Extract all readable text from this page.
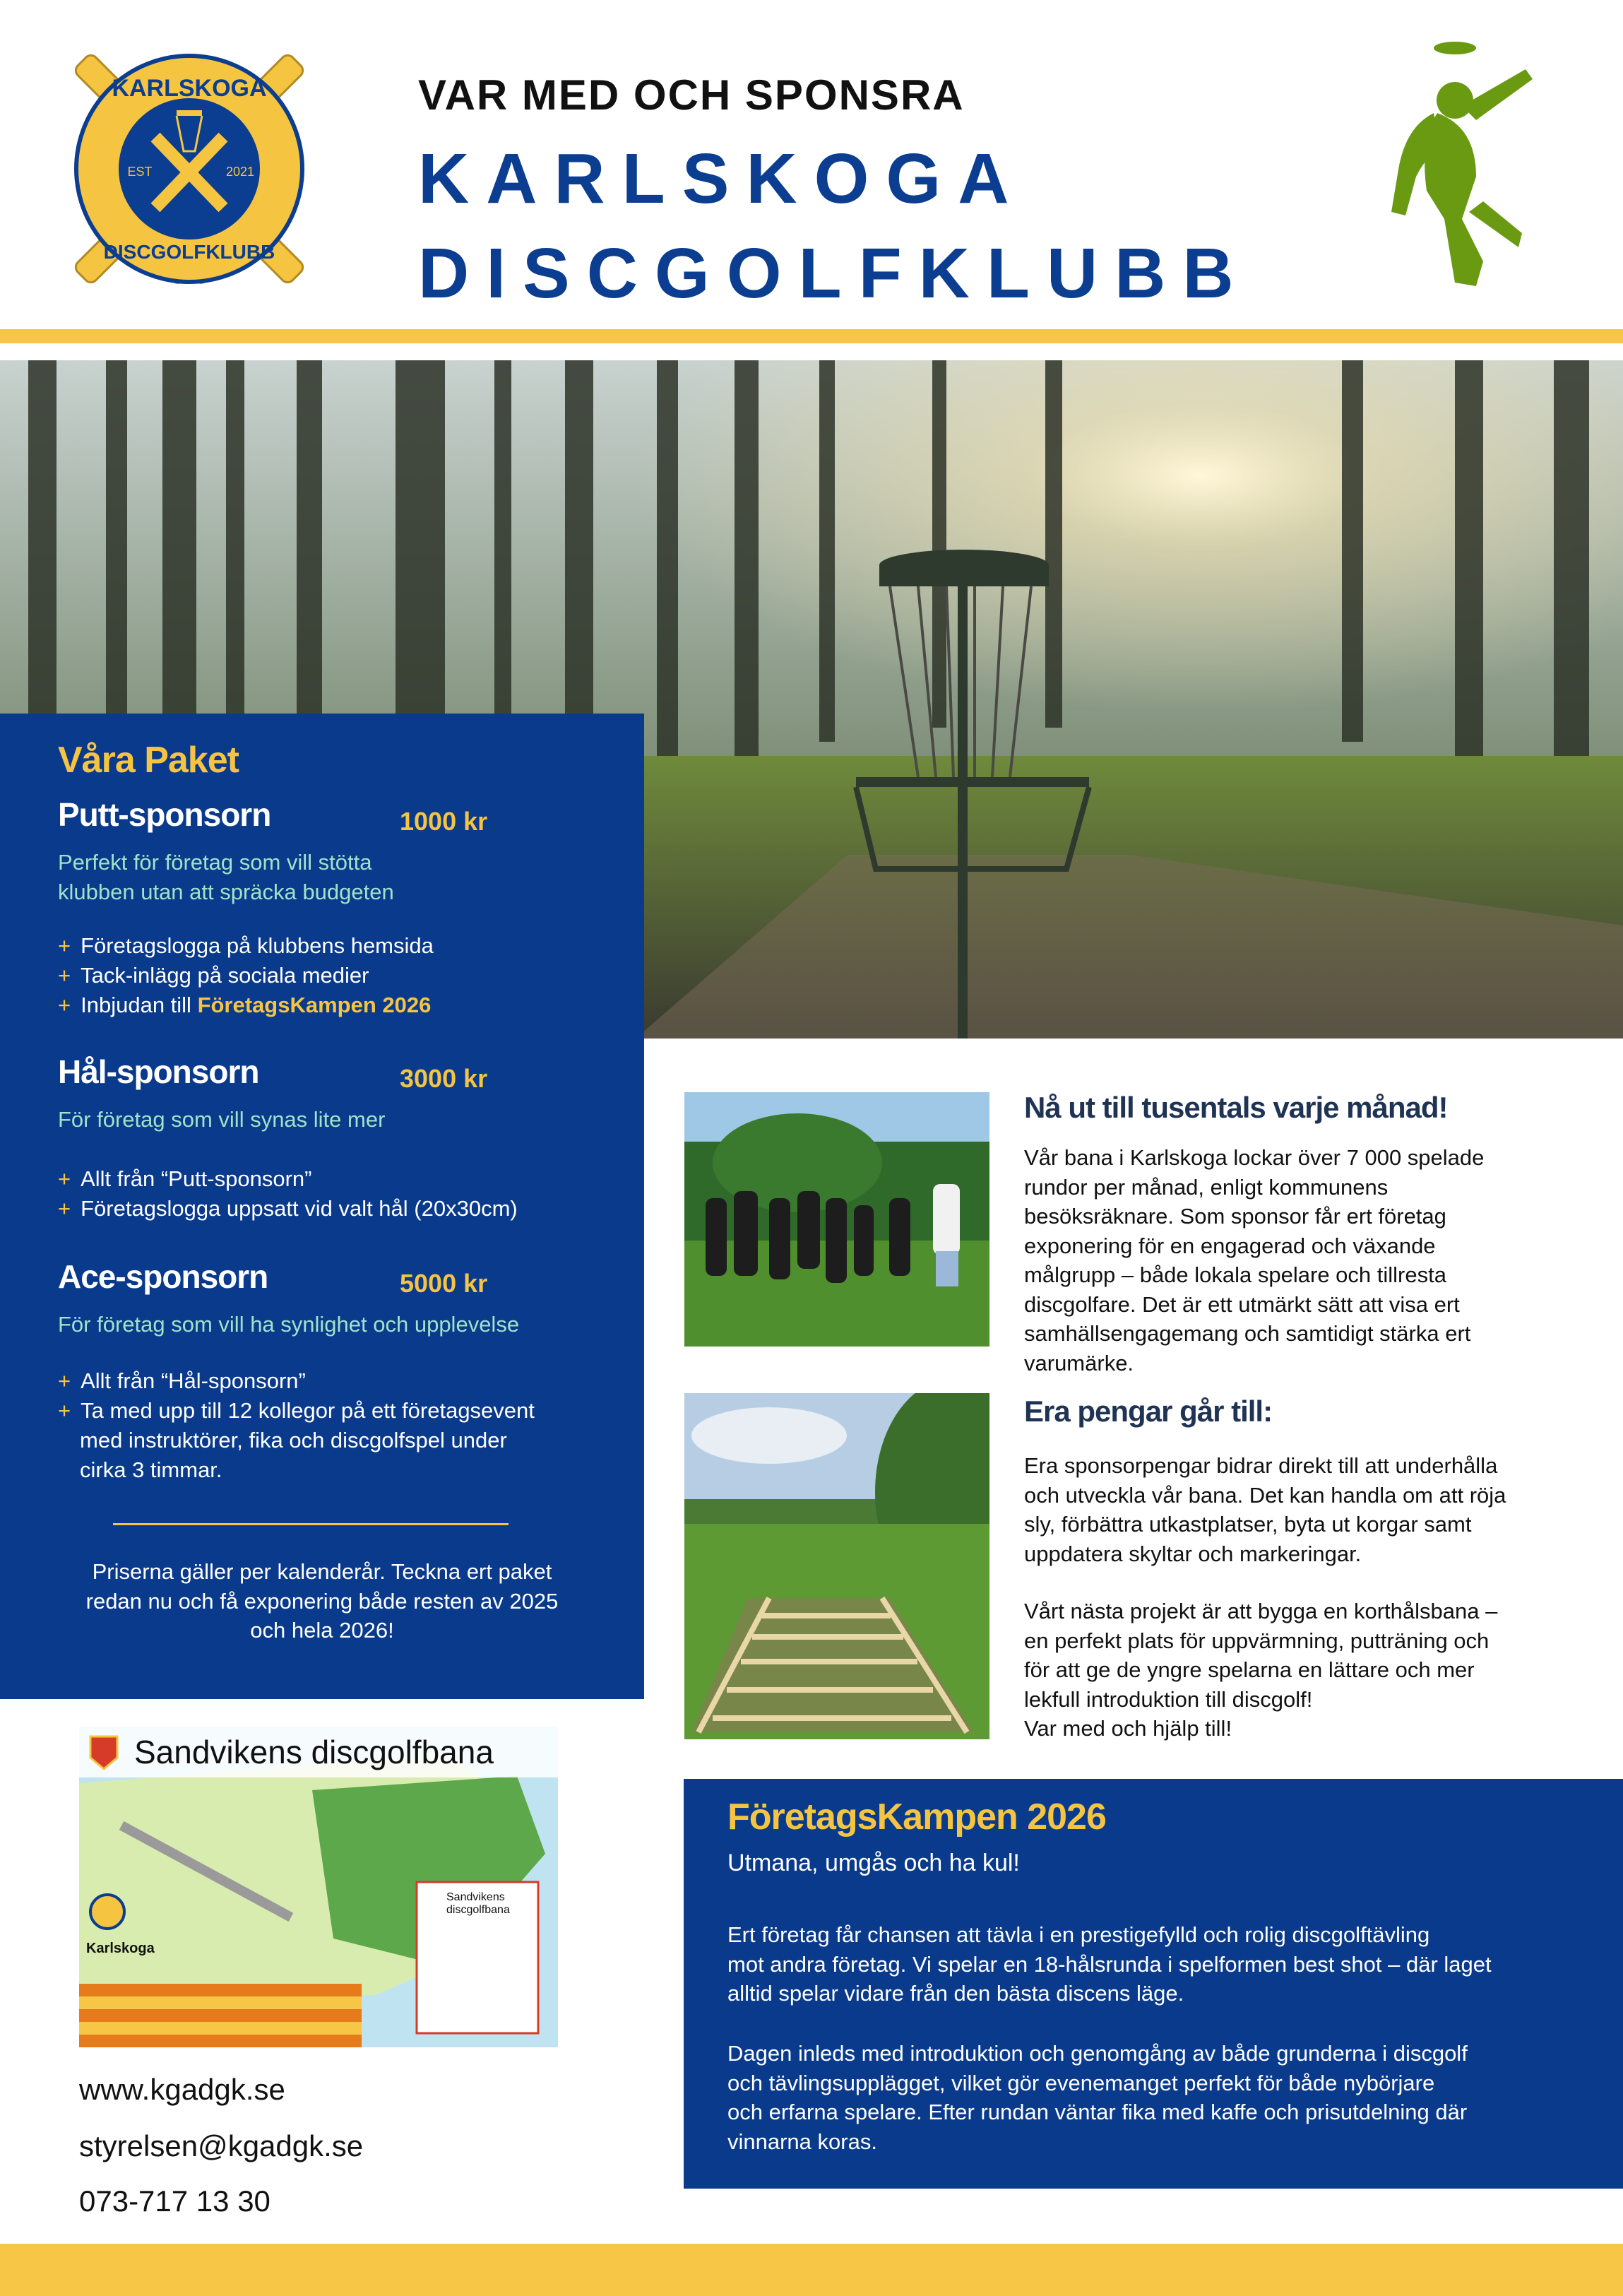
KARLSKOGA
DISCGOLFKLUBB
EST	2021
VAR MED OCH SPONSRA
KARLSKOGA
DISCGOLFKLUBB
Våra Paket
Putt-sponsorn	1000 kr
Perfekt för företag som vill stötta
klubben utan att spräcka budgeten
+ Företagslogga på klubbens hemsida
+ Tack-inlägg på sociala medier
+ Inbjudan till FöretagsKampen 2026
Hål-sponsorn	3000 kr
För företag som vill synas lite mer
+ Allt från “Putt-sponsorn”
+ Företagslogga uppsatt vid valt hål (20x30cm)
Ace-sponsorn	5000 kr
För företag som vill ha synlighet och upplevelse
+ Allt från “Hål-sponsorn”
+ Ta med upp till 12 kollegor på ett företagsevent
med instruktörer, fika och discgolfspel under
cirka 3 timmar.
Priserna gäller per kalenderår. Teckna ert paket
redan nu och få exponering både resten av 2025
och hela 2026!
Nå ut till tusentals varje månad!
Vår bana i Karlskoga lockar över 7 000 spelade
rundor per månad, enligt kommunens
besöksräknare. Som sponsor får ert företag
exponering för en engagerad och växande
målgrupp – både lokala spelare och tillresta
discgolfare. Det är ett utmärkt sätt att visa ert
samhällsengagemang och samtidigt stärka ert
varumärke.
Era pengar går till:
Era sponsorpengar bidrar direkt till att underhålla
och utveckla vår bana. Det kan handla om att röja
sly, förbättra utkastplatser, byta ut korgar samt
uppdatera skyltar och markeringar.
Vårt nästa projekt är att bygga en korthålsbana –
en perfekt plats för uppvärmning, putträning och
för att ge de yngre spelarna en lättare och mer
lekfull introduktion till discgolf!
Var med och hjälp till!
Sandvikens discgolfbana
Karlskoga
Sandvikens
discgolfbana
www.kgadgk.se
styrelsen@kgadgk.se
073-717 13 30
FöretagsKampen 2026
Utmana, umgås och ha kul!
Ert företag får chansen att tävla i en prestigefylld och rolig discgolftävling
mot andra företag. Vi spelar en 18-hålsrunda i spelformen best shot – där laget
alltid spelar vidare från den bästa discens läge.
Dagen inleds med introduktion och genomgång av både grunderna i discgolf
och tävlingsupplägget, vilket gör evenemanget perfekt för både nybörjare
och erfarna spelare. Efter rundan väntar fika med kaffe och prisutdelning där
vinnarna koras.
